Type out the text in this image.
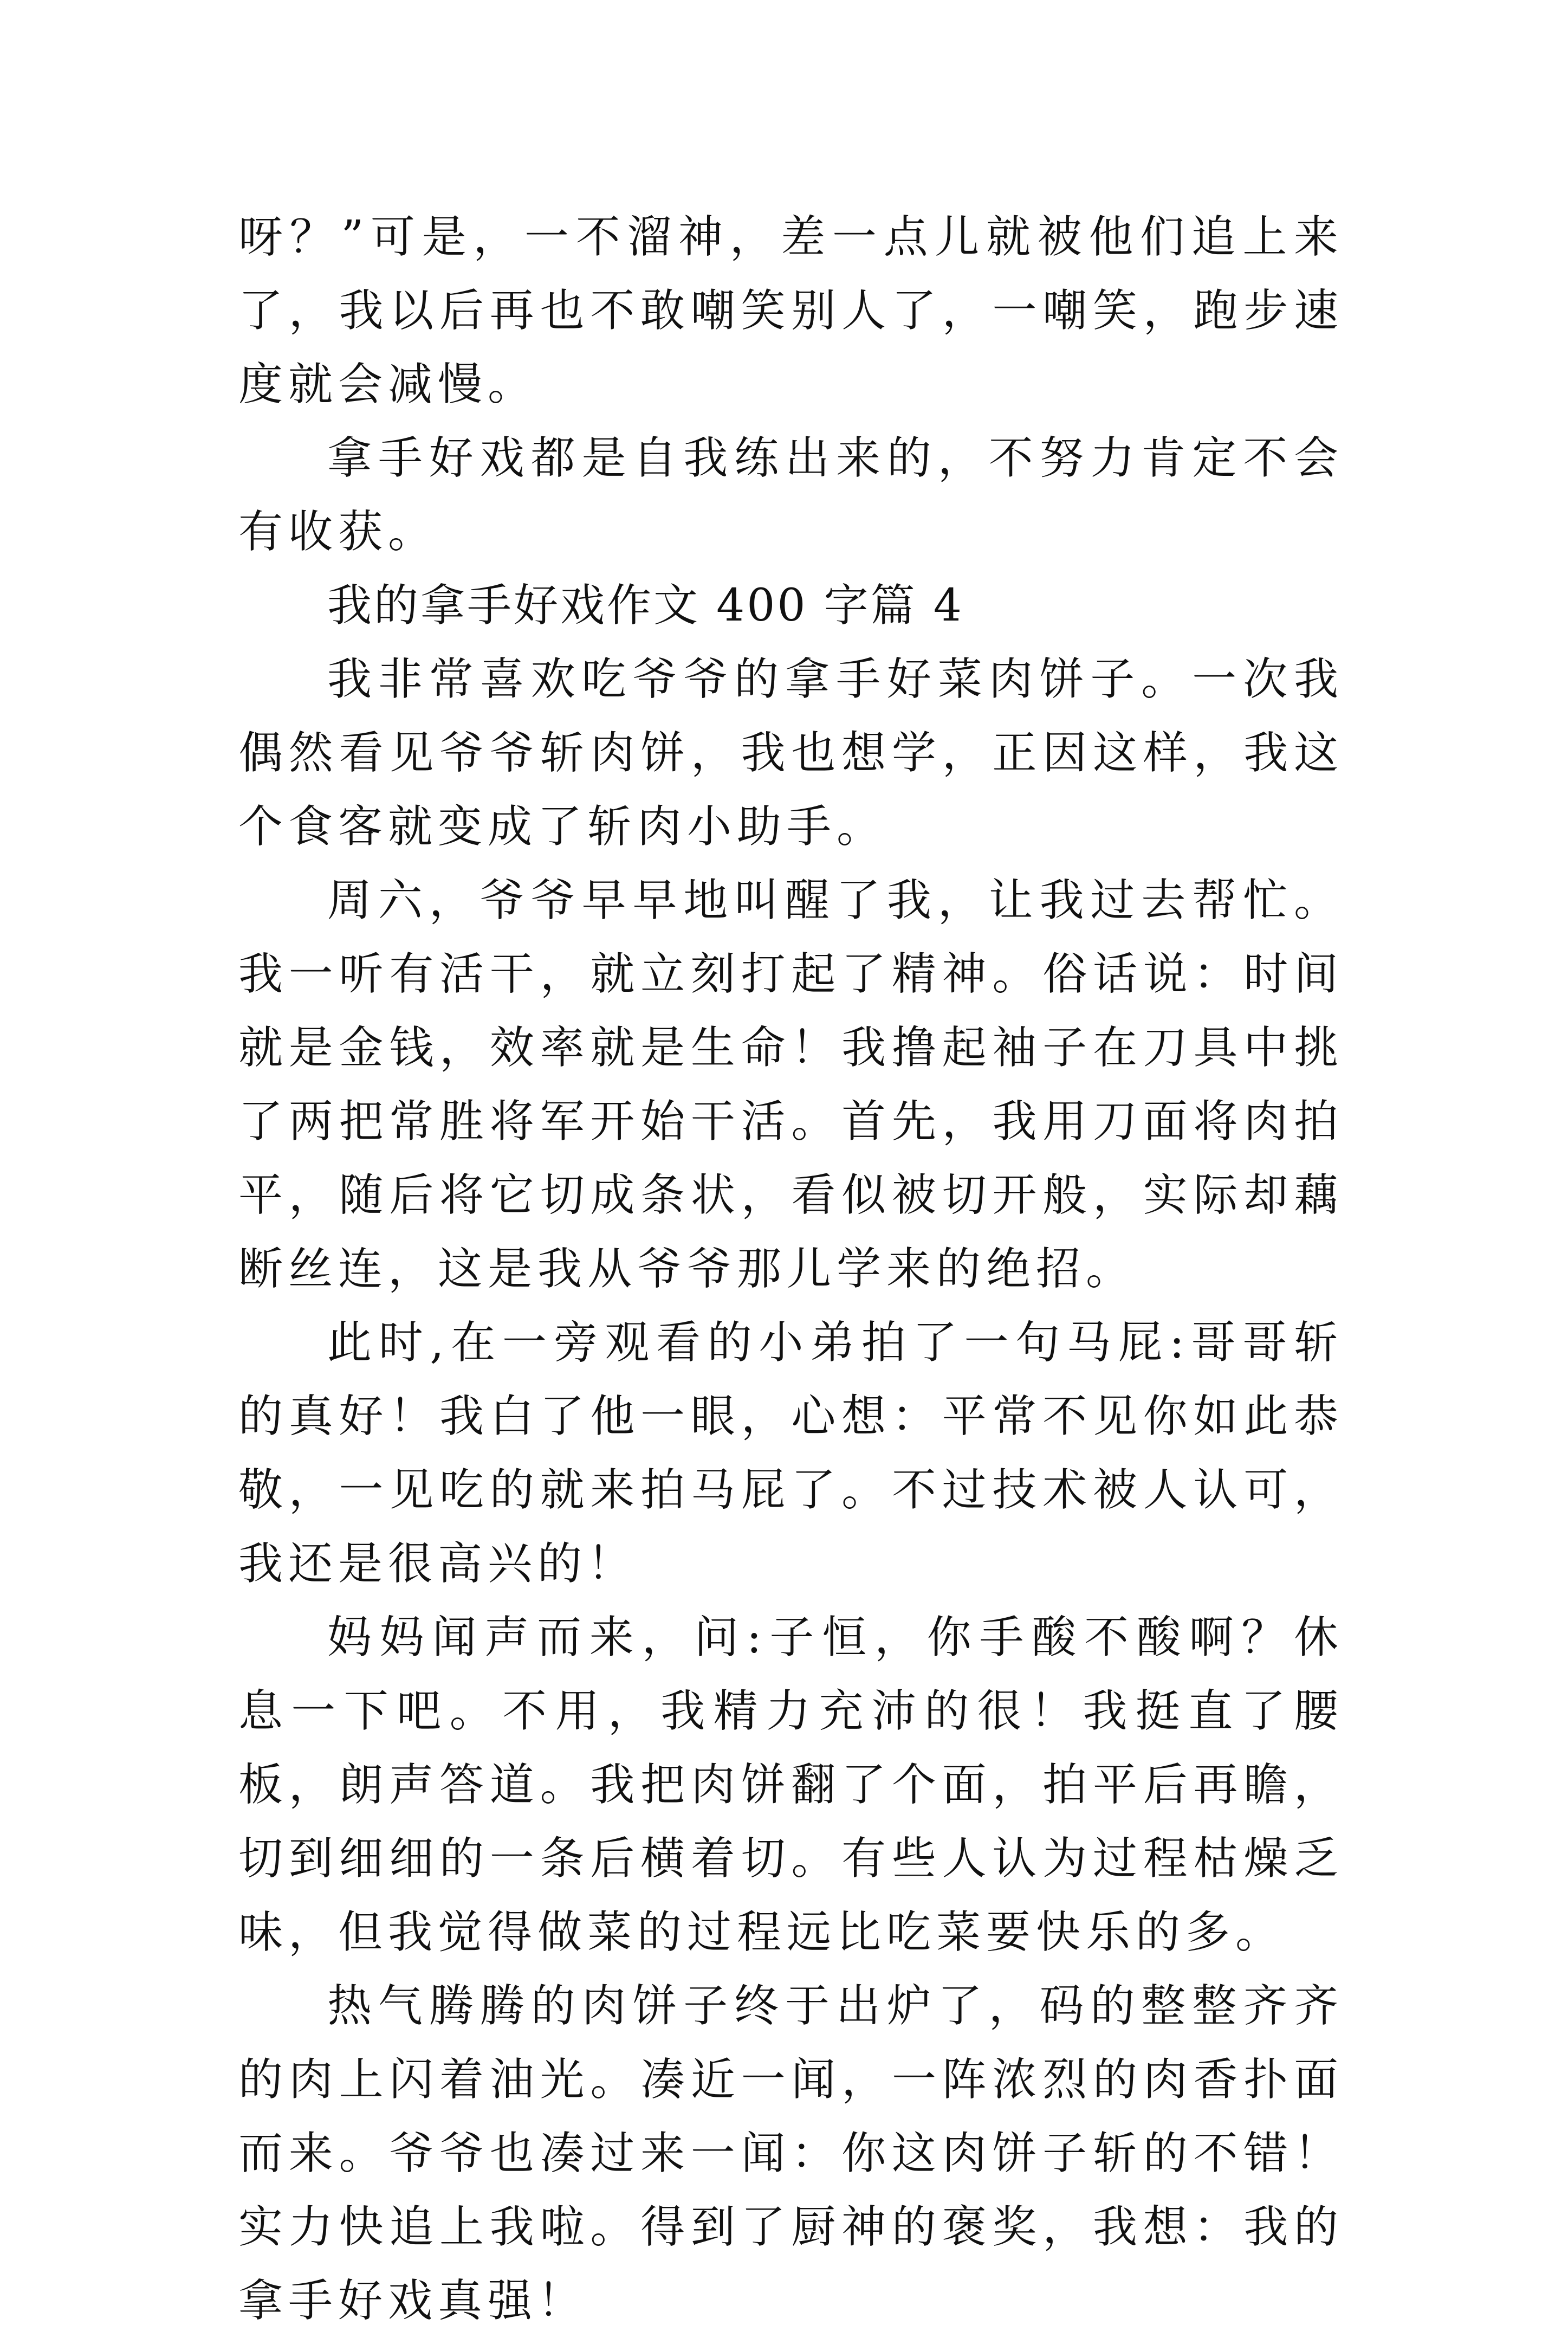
呀？”可是，一不溜神，差一点儿就被他们追上来了，我以后再也不敢嘲笑别人了，一嘲笑，跑步速度就会减慢。

拿手好戏都是自我练出来的，不努力肯定不会有收获。

我的拿手好戏作文 400 字篇 4

我非常喜欢吃爷爷的拿手好菜肉饼子。一次我偶然看见爷爷斩肉饼，我也想学，正因这样，我这个食客就变成了斩肉小助手。

周六，爷爷早早地叫醒了我，让我过去帮忙。我一听有活干，就立刻打起了精神。俗话说：时间就是金钱，效率就是生命！我撸起袖子在刀具中挑了两把常胜将军开始干活。首先，我用刀面将肉拍平，随后将它切成条状，看似被切开般，实际却藕断丝连，这是我从爷爷那儿学来的绝招。

此时,在一旁观看的小弟拍了一句马屁:哥哥斩的真好！我白了他一眼，心想：平常不见你如此恭敬，一见吃的就来拍马屁了。不过技术被人认可，我还是很高兴的！

妈妈闻声而来，问:子恒，你手酸不酸啊？休息一下吧。不用，我精力充沛的很！我挺直了腰板，朗声答道。我把肉饼翻了个面，拍平后再瞻，切到细细的一条后横着切。有些人认为过程枯燥乏味，但我觉得做菜的过程远比吃菜要快乐的多。

热气腾腾的肉饼子终于出炉了，码的整整齐齐的肉上闪着油光。凑近一闻，一阵浓烈的肉香扑面而来。爷爷也凑过来一闻：你这肉饼子斩的不错！实力快追上我啦。得到了厨神的褒奖，我想：我的拿手好戏真强！
